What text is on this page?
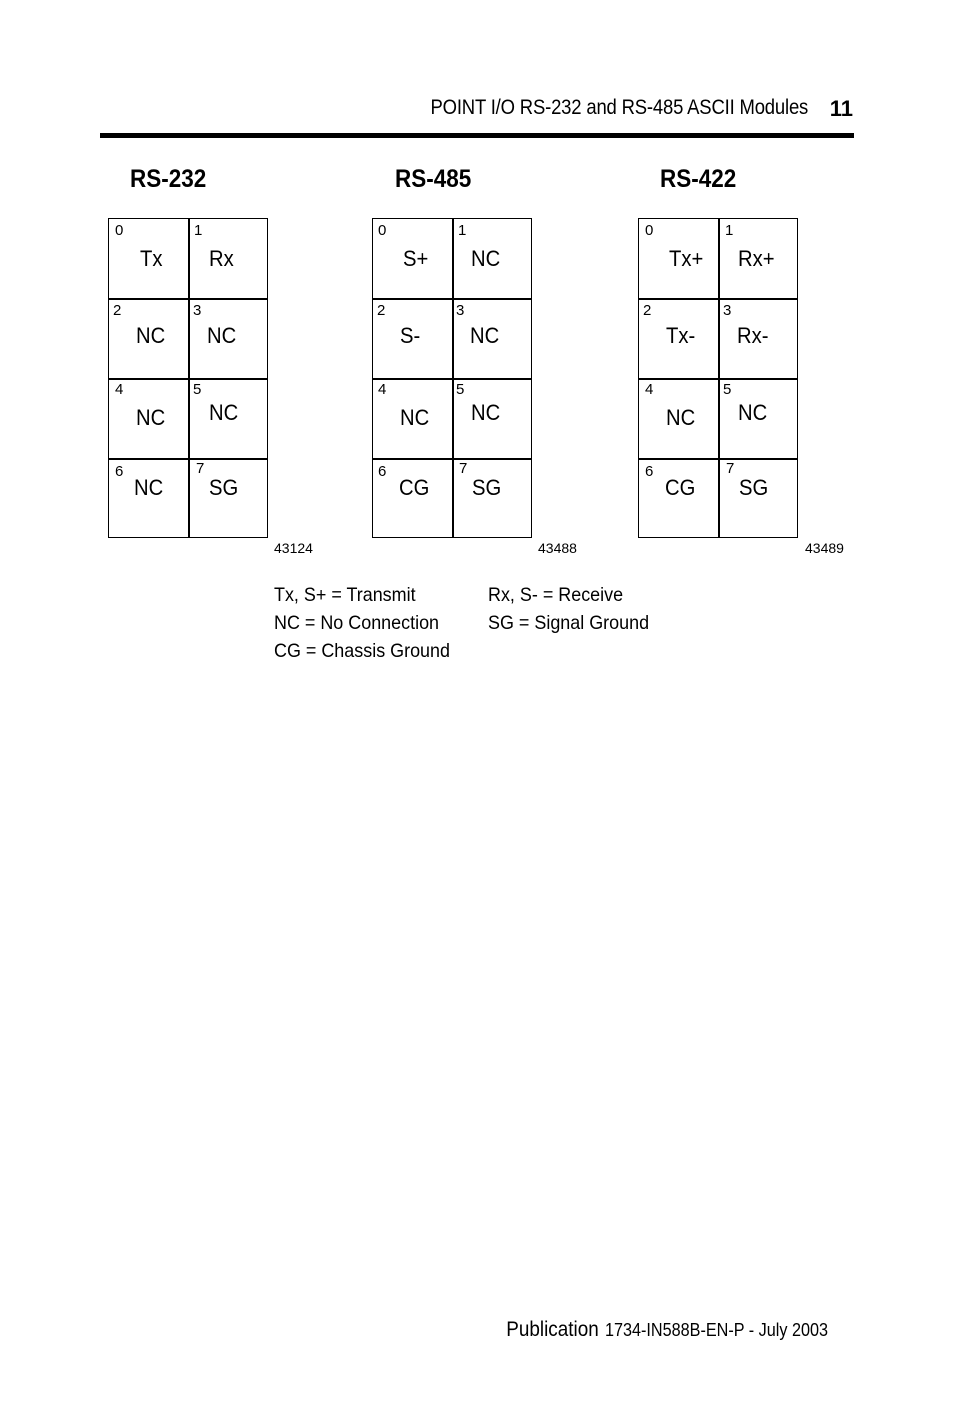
POINT I/O RS-232 and RS-485 ASCII Modules 11
RS-232
0
Tx
1
Rx
2
NC
3
NC
4
NC
5
NC
6
NC
7
SG
43124
RS-485
0
S+
1
NC
2
S-
3
NC
4
NC
5
NC
6
CG
7
SG
43488
RS-422
0
Tx+
1
Rx+
2
Tx-
3
Rx-
4
NC
5
NC
6
CG
7
SG
43489
Tx, S+ = Transmit	Rx, S- = Receive
NC = No Connection	SG = Signal Ground
CG = Chassis Ground
Publication 1734-IN588B-EN-P - July 2003
